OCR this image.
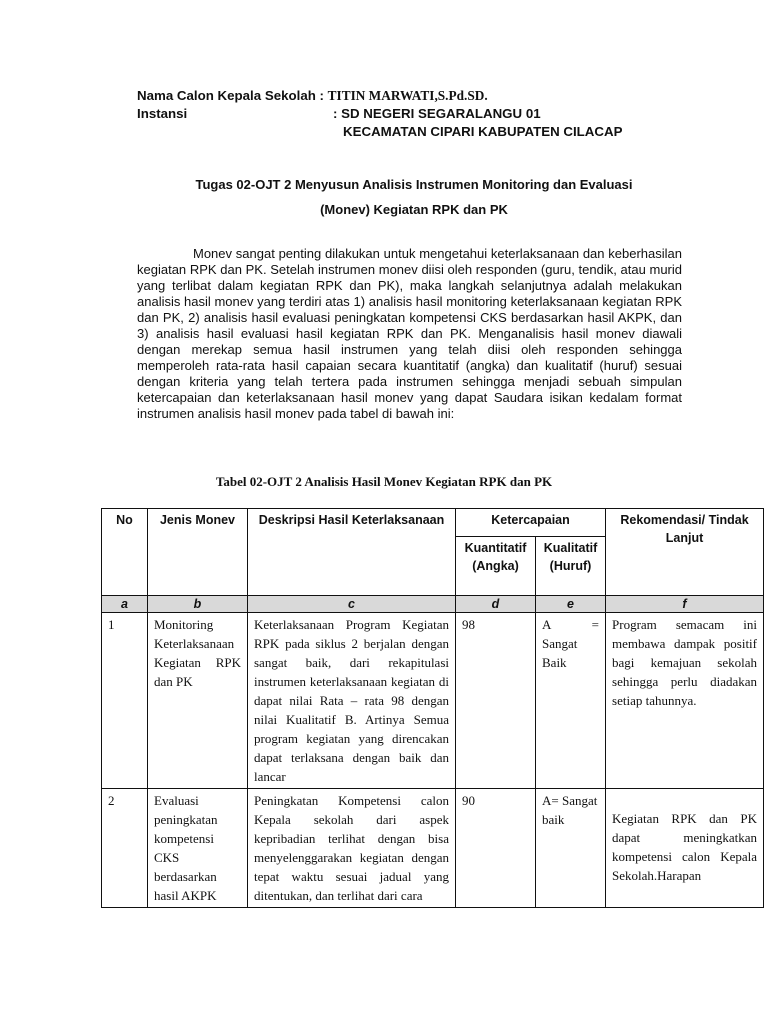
Nama Calon Kepala Sekolah : TITIN MARWATI,S.Pd.SD.
Instansi	: SD NEGERI SEGARALANGU 01
KECAMATAN CIPARI KABUPATEN CILACAP
Tugas 02-OJT 2 Menyusun Analisis Instrumen Monitoring dan Evaluasi
(Monev) Kegiatan RPK dan PK
Monev sangat penting dilakukan untuk mengetahui keterlaksanaan dan keberhasilan kegiatan RPK dan PK. Setelah instrumen monev diisi oleh responden (guru, tendik, atau murid yang terlibat dalam kegiatan RPK dan PK), maka langkah selanjutnya adalah melakukan analisis hasil monev yang terdiri atas 1) analisis hasil monitoring keterlaksanaan kegiatan RPK dan PK, 2) analisis hasil evaluasi peningkatan kompetensi CKS berdasarkan hasil AKPK, dan 3) analisis hasil evaluasi hasil kegiatan RPK dan PK. Menganalisis hasil monev diawali dengan merekap semua hasil instrumen yang telah diisi oleh responden sehingga memperoleh rata-rata hasil capaian secara kuantitatif (angka) dan kualitatif (huruf) sesuai dengan kriteria yang telah tertera pada instrumen sehingga menjadi sebuah simpulan ketercapaian dan keterlaksanaan hasil monev yang dapat Saudara isikan kedalam format instrumen analisis hasil monev pada tabel di bawah ini:
Tabel 02-OJT 2 Analisis Hasil Monev Kegiatan RPK dan PK
No	Jenis Monev	Deskripsi Hasil Keterlaksanaan	Ketercapaian		Rekomendasi/ Tindak Lanjut
			Kuantitatif (Angka)	Kualitatif (Huruf)	
a	b	c	d	e	f
1	Monitoring Keterlaksanaan Kegiatan RPK dan PK	Keterlaksanaan Program Kegiatan RPK pada siklus 2 berjalan dengan sangat baik, dari rekapitulasi instrumen keterlaksanaan kegiatan di dapat nilai Rata – rata 98 dengan nilai Kualitatif B. Artinya Semua program kegiatan yang direncakan dapat terlaksana dengan baik dan lancar	98	A = Sangat Baik	Program semacam ini membawa dampak positif bagi kemajuan sekolah sehingga perlu diadakan setiap tahunnya.
2	Evaluasi peningkatan kompetensi CKS berdasarkan hasil AKPK	Peningkatan Kompetensi calon Kepala sekolah dari aspek kepribadian terlihat dengan bisa menyelenggarakan kegiatan dengan tepat waktu sesuai jadual yang ditentukan, dan terlihat dari cara	90	A= Sangat baik	Kegiatan RPK dan PK dapat meningkatkan kompetensi calon Kepala Sekolah.Harapan
